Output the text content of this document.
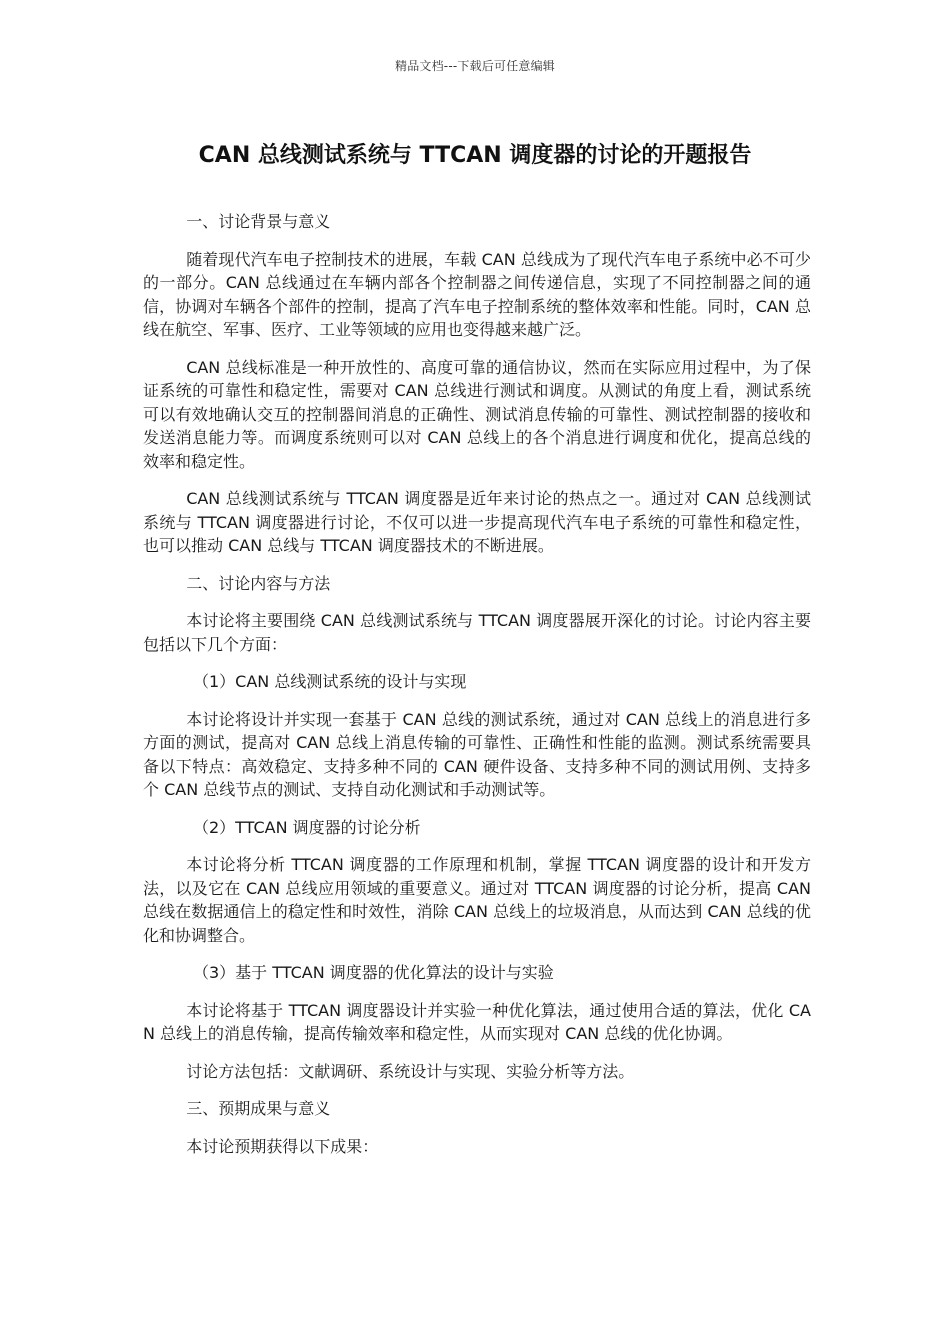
精品文档---下载后可任意编辑
CAN 总线测试系统与 TTCAN 调度器的讨论的开题报告

一、讨论背景与意义

随着现代汽车电子控制技术的进展，车载 CAN 总线成为了现代汽车电子系统中必不可少的一部分。CAN 总线通过在车辆内部各个控制器之间传递信息，实现了不同控制器之间的通信，协调对车辆各个部件的控制，提高了汽车电子控制系统的整体效率和性能。同时，CAN 总线在航空、军事、医疗、工业等领域的应用也变得越来越广泛。

CAN 总线标准是一种开放性的、高度可靠的通信协议，然而在实际应用过程中，为了保证系统的可靠性和稳定性，需要对 CAN 总线进行测试和调度。从测试的角度上看，测试系统可以有效地确认交互的控制器间消息的正确性、测试消息传输的可靠性、测试控制器的接收和发送消息能力等。而调度系统则可以对 CAN 总线上的各个消息进行调度和优化，提高总线的效率和稳定性。

CAN 总线测试系统与 TTCAN 调度器是近年来讨论的热点之一。通过对 CAN 总线测试系统与 TTCAN 调度器进行讨论，不仅可以进一步提高现代汽车电子系统的可靠性和稳定性，也可以推动 CAN 总线与 TTCAN 调度器技术的不断进展。

二、讨论内容与方法

本讨论将主要围绕 CAN 总线测试系统与 TTCAN 调度器展开深化的讨论。讨论内容主要包括以下几个方面：

（1）CAN 总线测试系统的设计与实现

本讨论将设计并实现一套基于 CAN 总线的测试系统，通过对 CAN 总线上的消息进行多方面的测试，提高对 CAN 总线上消息传输的可靠性、正确性和性能的监测。测试系统需要具备以下特点：高效稳定、支持多种不同的 CAN 硬件设备、支持多种不同的测试用例、支持多个 CAN 总线节点的测试、支持自动化测试和手动测试等。

（2）TTCAN 调度器的讨论分析

本讨论将分析 TTCAN 调度器的工作原理和机制，掌握 TTCAN 调度器的设计和开发方法，以及它在 CAN 总线应用领域的重要意义。通过对 TTCAN 调度器的讨论分析，提高 CAN 总线在数据通信上的稳定性和时效性，消除 CAN 总线上的垃圾消息，从而达到 CAN 总线的优化和协调整合。

（3）基于 TTCAN 调度器的优化算法的设计与实验

本讨论将基于 TTCAN 调度器设计并实验一种优化算法，通过使用合适的算法，优化 CAN 总线上的消息传输，提高传输效率和稳定性，从而实现对 CAN 总线的优化协调。

讨论方法包括：文献调研、系统设计与实现、实验分析等方法。

三、预期成果与意义

本讨论预期获得以下成果：
